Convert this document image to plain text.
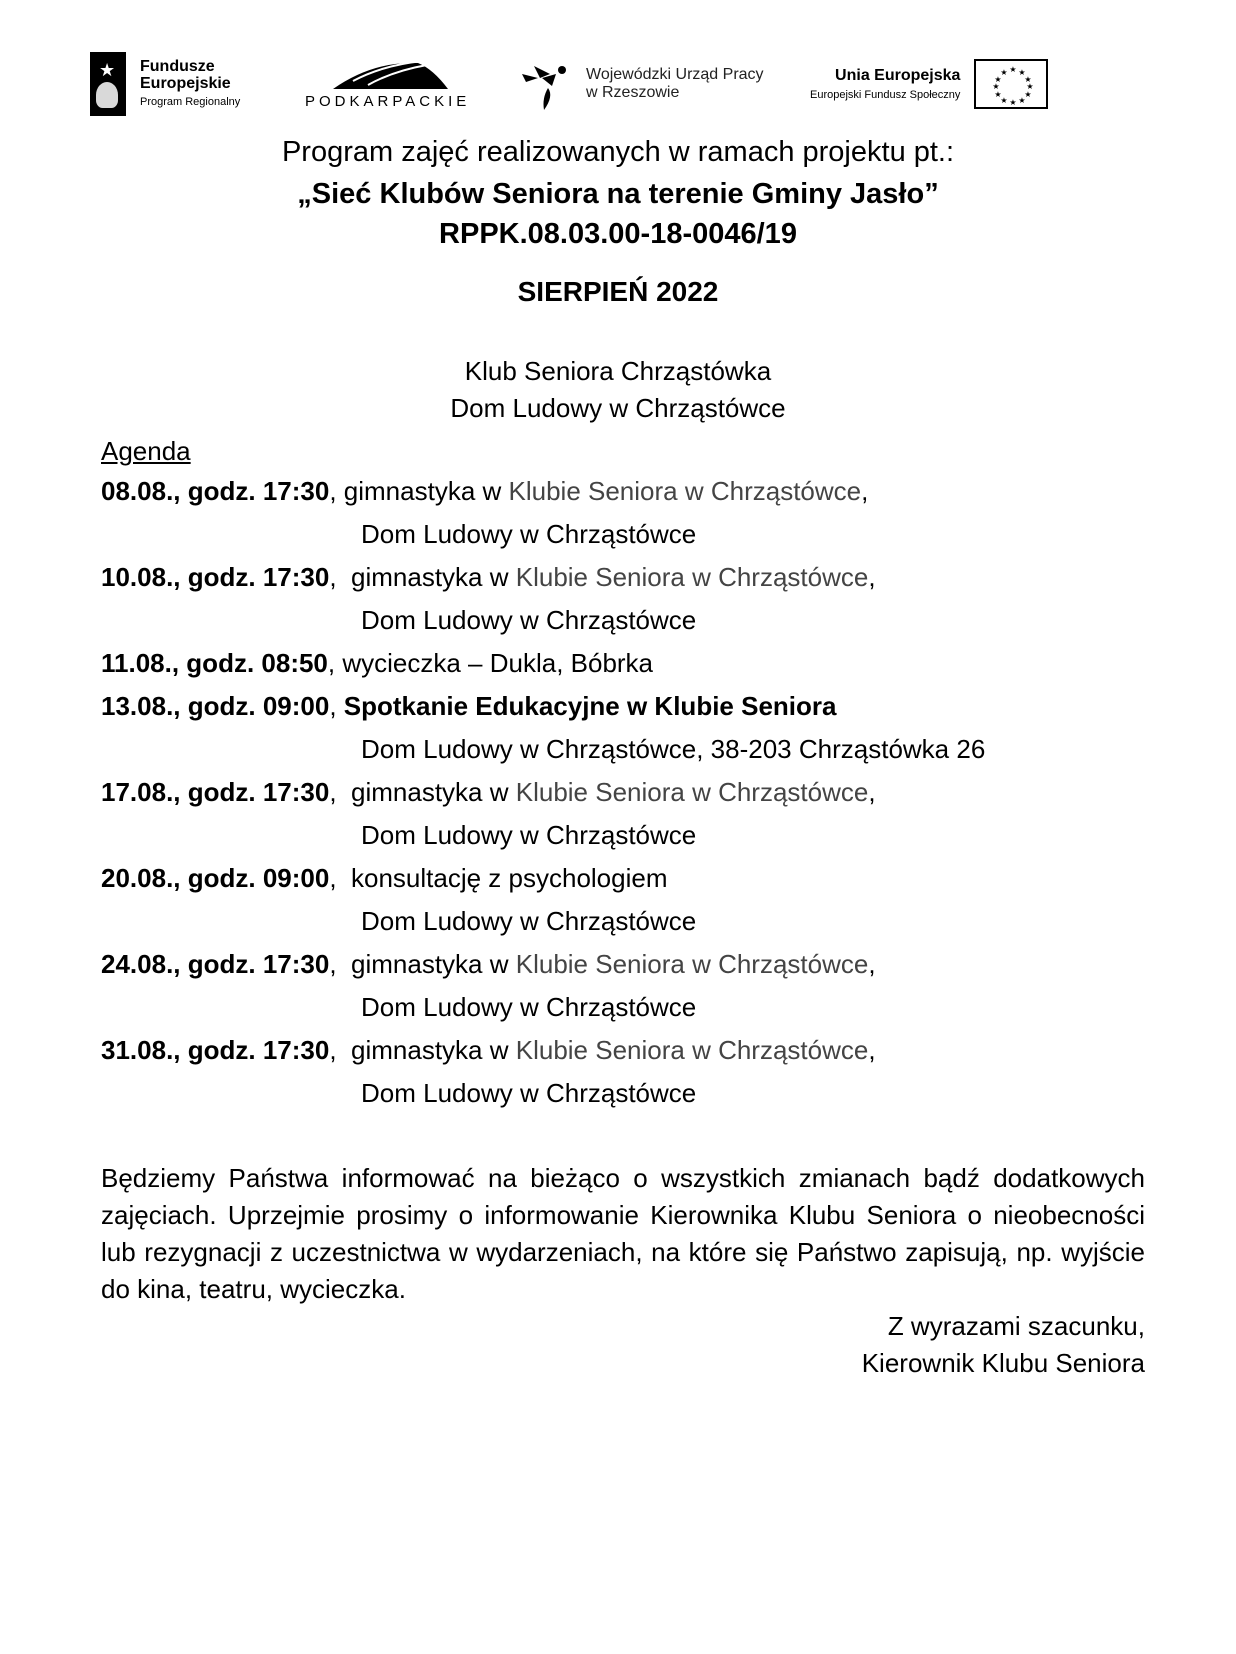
★
Fundusze
Europejskie
Program Regionalny	PODKARPACKIE
Wojewódzki Urząd Pracy
w Rzeszowie
Unia Europejska
Europejski Fundusz Społeczny
★ ★
★
★
★
★
★
★
★
★
★
★
Program zajęć realizowanych w ramach projektu pt.:
„Sieć Klubów Seniora na terenie Gminy Jasło”
RPPK.08.03.00-18-0046/19
SIERPIEŃ 2022
Klub Seniora Chrząstówka
Dom Ludowy w Chrząstówce
Agenda
08.08., godz. 17:30, gimnastyka w Klubie Seniora w Chrząstówce,
Dom Ludowy w Chrząstówce
10.08., godz. 17:30,  gimnastyka w Klubie Seniora w Chrząstówce,
Dom Ludowy w Chrząstówce
11.08., godz. 08:50, wycieczka – Dukla, Bóbrka
13.08., godz. 09:00, Spotkanie Edukacyjne w Klubie Seniora
Dom Ludowy w Chrząstówce, 38-203 Chrząstówka 26
17.08., godz. 17:30,  gimnastyka w Klubie Seniora w Chrząstówce,
Dom Ludowy w Chrząstówce
20.08., godz. 09:00,  konsultację z psychologiem
Dom Ludowy w Chrząstówce
24.08., godz. 17:30,  gimnastyka w Klubie Seniora w Chrząstówce,
Dom Ludowy w Chrząstówce
31.08., godz. 17:30,  gimnastyka w Klubie Seniora w Chrząstówce,
Dom Ludowy w Chrząstówce
Będziemy Państwa informować na bieżąco o wszystkich zmianach bądź dodatkowych zajęciach. Uprzejmie prosimy o informowanie Kierownika Klubu Seniora o nieobecności lub rezygnacji z uczestnictwa w wydarzeniach, na które się Państwo zapisują, np. wyjście do kina, teatru, wycieczka.
Z wyrazami szacunku,
Kierownik Klubu Seniora
